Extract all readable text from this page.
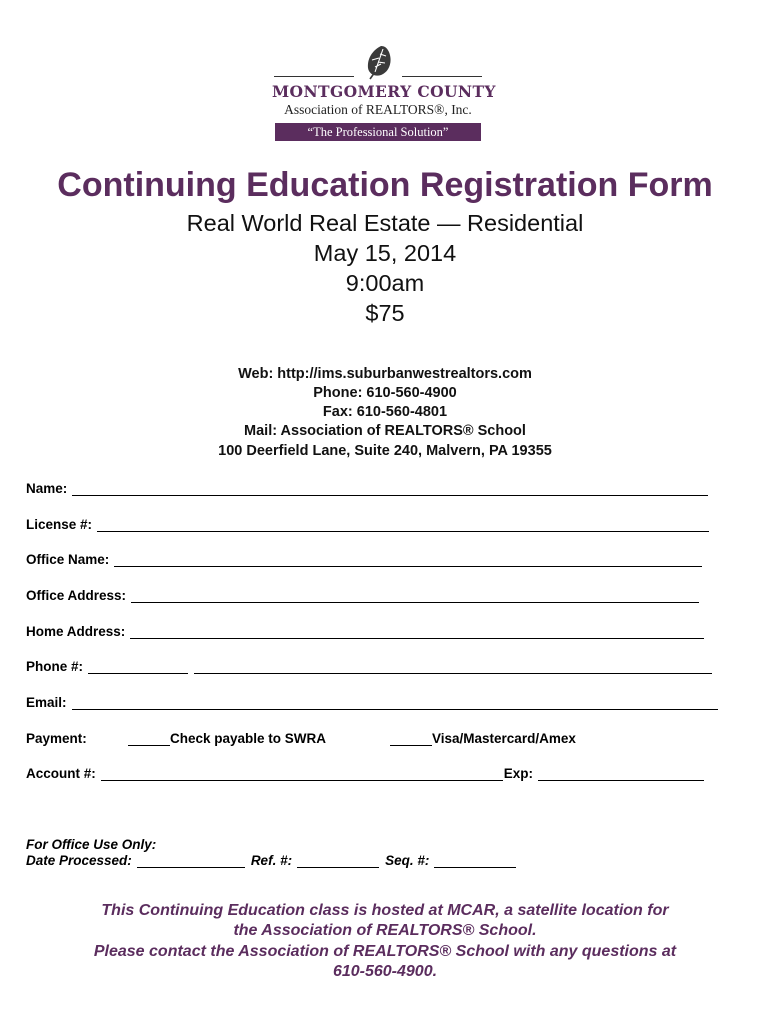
MONTGOMERY COUNTY
Association of REALTORS®, Inc.
“The Professional Solution”
Continuing Education Registration Form
Real World Real Estate — Residential
May 15, 2014
9:00am
$75
Web: http://ims.suburbanwestrealtors.com
Phone: 610-560-4900
Fax: 610-560-4801
Mail: Association of REALTORS® School
100 Deerfield Lane, Suite 240, Malvern, PA 19355
Name:
License #:
Office Name:
Office Address:
Home Address:
Phone #:
Email:
Payment:	Check payable to SWRA	Visa/Mastercard/Amex
Account #:	Exp:
For Office Use Only:
Date Processed:	Ref. #:	Seq. #:
This Continuing Education class is hosted at MCAR, a satellite location for
the Association of REALTORS® School.
Please contact the Association of REALTORS® School with any questions at
610-560-4900.
